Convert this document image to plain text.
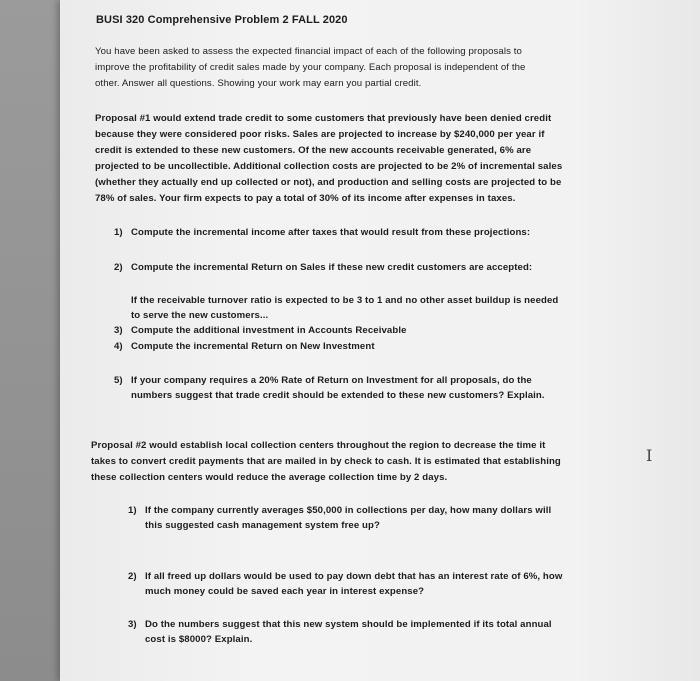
BUSI 320 Comprehensive Problem 2 FALL 2020
You have been asked to assess the expected financial impact of each of the following proposals to
improve the profitability of credit sales made by your company. Each proposal is independent of the
other. Answer all questions. Showing your work may earn you partial credit.
Proposal #1 would extend trade credit to some customers that previously have been denied credit
because they were considered poor risks. Sales are projected to increase by $240,000 per year if
credit is extended to these new customers. Of the new accounts receivable generated, 6% are
projected to be uncollectible. Additional collection costs are projected to be 2% of incremental sales
(whether they actually end up collected or not), and production and selling costs are projected to be
78% of sales. Your firm expects to pay a total of 30% of its income after expenses in taxes.
1) Compute the incremental income after taxes that would result from these projections:
2) Compute the incremental Return on Sales if these new credit customers are accepted:
If the receivable turnover ratio is expected to be 3 to 1 and no other asset buildup is needed
to serve the new customers...
3) Compute the additional investment in Accounts Receivable
4) Compute the incremental Return on New Investment
5) If your company requires a 20% Rate of Return on Investment for all proposals, do the
numbers suggest that trade credit should be extended to these new customers? Explain.
Proposal #2 would establish local collection centers throughout the region to decrease the time it
takes to convert credit payments that are mailed in by check to cash. It is estimated that establishing
these collection centers would reduce the average collection time by 2 days.
1) If the company currently averages $50,000 in collections per day, how many dollars will
this suggested cash management system free up?
2) If all freed up dollars would be used to pay down debt that has an interest rate of 6%, how
much money could be saved each year in interest expense?
3) Do the numbers suggest that this new system should be implemented if its total annual
cost is $8000? Explain.
I
